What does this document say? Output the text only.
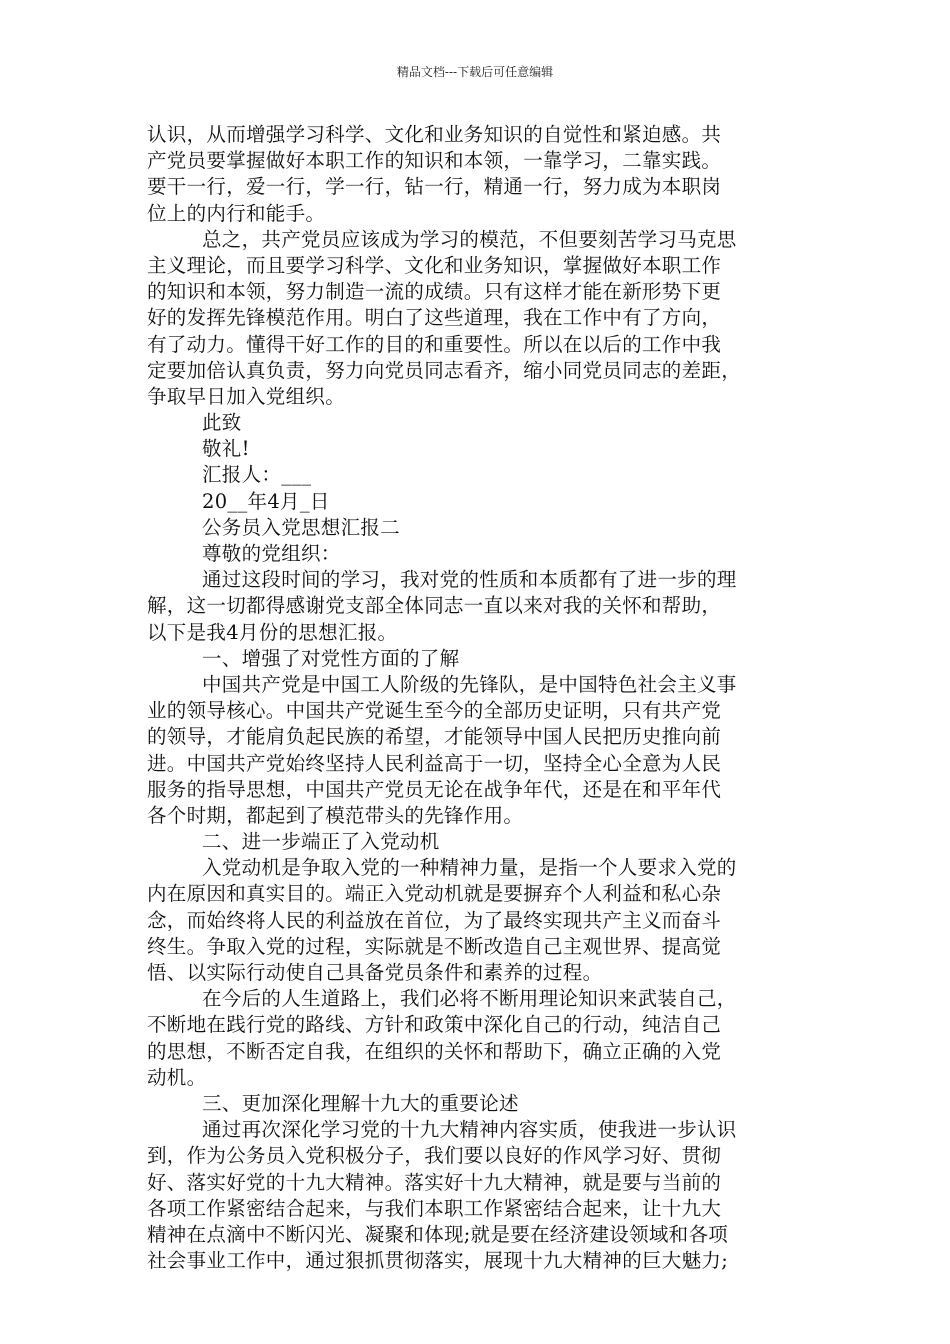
精品文档---下载后可任意编辑
认识，从而增强学习科学、文化和业务知识的自觉性和紧迫感。共
产党员要掌握做好本职工作的知识和本领，一靠学习，二靠实践。
要干一行，爱一行，学一行，钻一行，精通一行，努力成为本职岗
位上的内行和能手。
总之，共产党员应该成为学习的模范，不但要刻苦学习马克思
主义理论，而且要学习科学、文化和业务知识，掌握做好本职工作
的知识和本领，努力制造一流的成绩。只有这样才能在新形势下更
好的发挥先锋模范作用。明白了这些道理，我在工作中有了方向，
有了动力。懂得干好工作的目的和重要性。所以在以后的工作中我
定要加倍认真负责，努力向党员同志看齐，缩小同党员同志的差距，
争取早日加入党组织。
此致
敬礼!
汇报人：___
20__年4月_日
公务员入党思想汇报二
尊敬的党组织：
通过这段时间的学习，我对党的性质和本质都有了进一步的理
解，这一切都得感谢党支部全体同志一直以来对我的关怀和帮助，
以下是我4月份的思想汇报。
一、增强了对党性方面的了解
中国共产党是中国工人阶级的先锋队，是中国特色社会主义事
业的领导核心。中国共产党诞生至今的全部历史证明，只有共产党
的领导，才能肩负起民族的希望，才能领导中国人民把历史推向前
进。中国共产党始终坚持人民利益高于一切，坚持全心全意为人民
服务的指导思想，中国共产党员无论在战争年代，还是在和平年代
各个时期，都起到了模范带头的先锋作用。
二、进一步端正了入党动机
入党动机是争取入党的一种精神力量，是指一个人要求入党的
内在原因和真实目的。端正入党动机就是要摒弃个人利益和私心杂
念，而始终将人民的利益放在首位，为了最终实现共产主义而奋斗
终生。争取入党的过程，实际就是不断改造自己主观世界、提高觉
悟、以实际行动使自己具备党员条件和素养的过程。
在今后的人生道路上，我们必将不断用理论知识来武装自己，
不断地在践行党的路线、方针和政策中深化自己的行动，纯洁自己
的思想，不断否定自我，在组织的关怀和帮助下，确立正确的入党
动机。
三、更加深化理解十九大的重要论述
通过再次深化学习党的十九大精神内容实质，使我进一步认识
到，作为公务员入党积极分子，我们要以良好的作风学习好、贯彻
好、落实好党的十九大精神。落实好十九大精神，就是要与当前的
各项工作紧密结合起来，与我们本职工作紧密结合起来，让十九大
精神在点滴中不断闪光、凝聚和体现;就是要在经济建设领域和各项
社会事业工作中，通过狠抓贯彻落实，展现十九大精神的巨大魅力;
